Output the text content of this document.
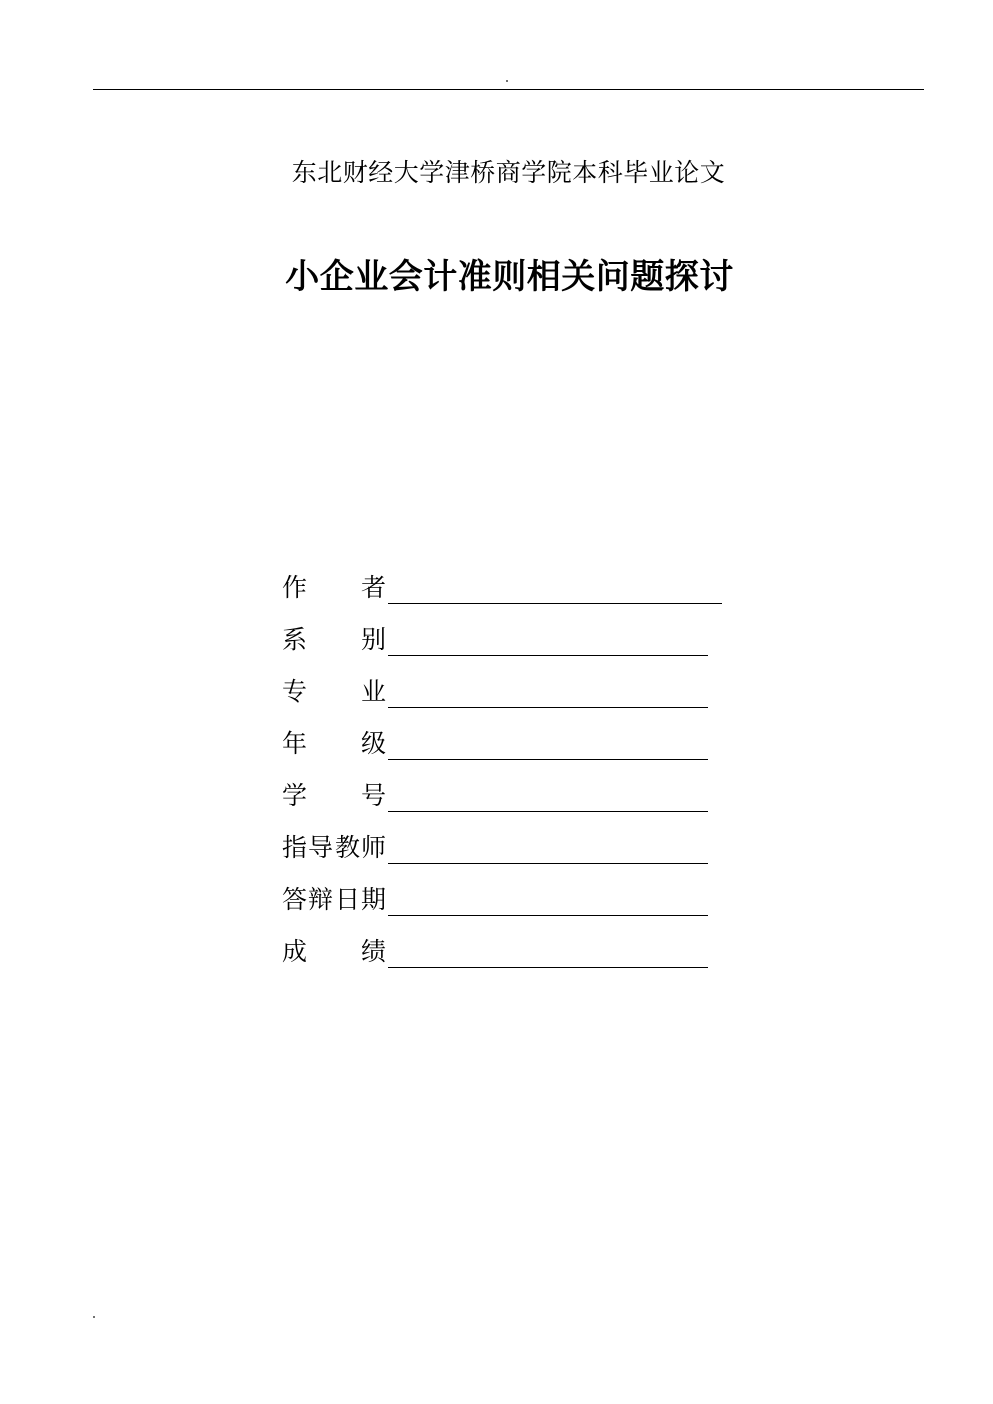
东北财经大学津桥商学院本科毕业论文
小企业会计准则相关问题探讨
作 者
系 别
专 业
年 级
学 号
指 导 教 师
答 辩 日 期
成 绩
